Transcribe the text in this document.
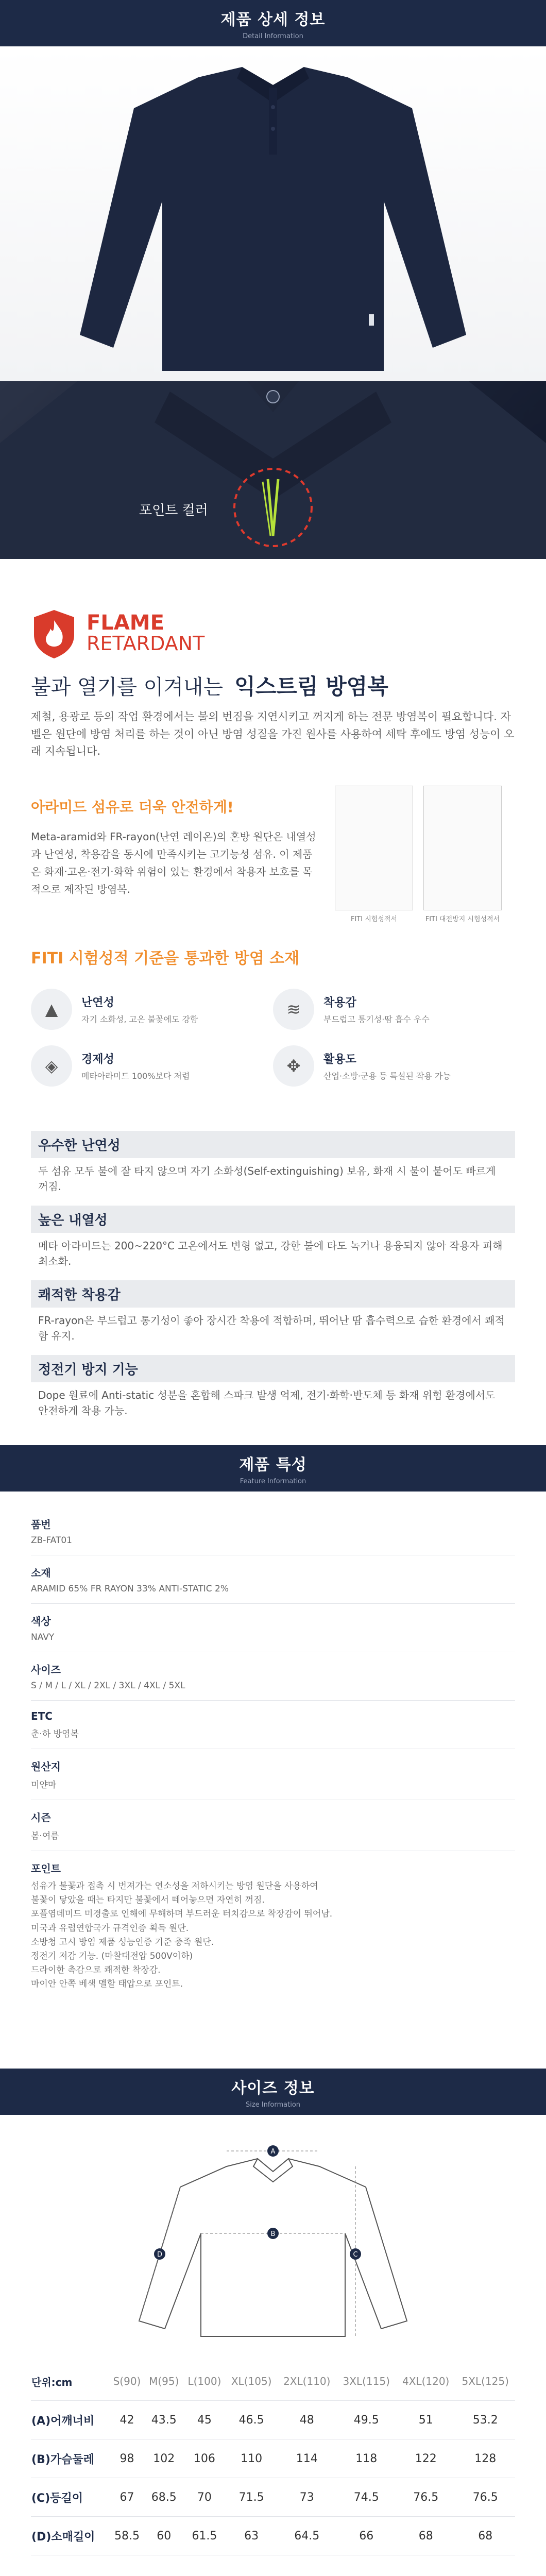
제품 상세 정보
Detail Information
포인트 컬러
FLAME
RETARDANT
불과 열기를 이겨내는 익스트림 방염복
제철, 용광로 등의 작업 환경에서는 불의 번짐을 지연시키고 꺼지게 하는 전문 방염복이 필요합니다. 자벨은 원단에 방염 처리를 하는 것이 아닌 방염 성질을 가진 원사를 사용하여 세탁 후에도 방염 성능이 오래 지속됩니다.
아라미드 섬유로 더욱 안전하게!
Meta-aramid와 FR-rayon(난연 레이온)의 혼방 원단은 내열성과 난연성, 착용감을 동시에 만족시키는 고기능성 섬유. 이 제품은 화재·고온·전기·화학 위험이 있는 환경에서 착용자 보호를 목적으로 제작된 방염복.
FITI 시험성적서	FITI 대전방지 시험성적서
FITI 시험성적 기준을 통과한 방염 소재
▲	난연성
자기 소화성, 고온 불꽃에도 강함
≋	착용감
부드럽고 통기성·땀 흡수 우수
◈	경제성
메타아라미드 100%보다 저렴
✥	활용도
산업·소방·군용 등 특설된 작용 가능
우수한 난연성
두 섬유 모두 불에 잘 타지 않으며 자기 소화성(Self-extinguishing) 보유, 화재 시 불이 붙어도 빠르게 꺼짐.
높은 내열성
메타 아라미드는 200~220°C 고온에서도 변형 없고, 강한 불에 타도 녹거나 용융되지 않아 작용자 피해 최소화.
쾌적한 착용감
FR-rayon은 부드럽고 통기성이 좋아 장시간 착용에 적합하며, 뛰어난 땀 흡수력으로 습한 환경에서 쾌적함 유지.
정전기 방지 기능
Dope 원료에 Anti-static 성분을 혼합해 스파크 발생 억제, 전기·화학·반도체 등 화재 위험 환경에서도 안전하게 착용 가능.
제품 특성
Feature Information
품번
ZB-FAT01
소재
ARAMID 65% FR RAYON 33% ANTI-STATIC 2%
색상
NAVY
사이즈
S / M / L / XL / 2XL / 3XL / 4XL / 5XL
ETC
춘·하 방염복
원산지
미얀마
시즌
봄·여름
포인트
섬유가 불꽃과 접촉 시 번져가는 연소성을 저하시키는 방염 원단을 사용하여
불꽃이 닿았을 때는 타지만 불꽃에서 떼어놓으면 자연히 꺼짐.
포플염데미드 미경출로 인해에 무해하며 부드러운 터치감으로 착장감이 뛰어남.
미국과 유럽연합국가 규격인증 획득 원단.
소방청 고시 방염 제품 성능인증 기준 충족 원단.
정전기 저감 기능. (마찰대전압 500V이하)
드라이한 촉감으로 쾌적한 착장감.
마이안 안쪽 베색 멜할 태압으로 포인트.
사이즈 정보
Size Information
A
B
C
D
단위:cm	S(90)	M(95)	L(100)	XL(105)	2XL(110)	3XL(115)	4XL(120)	5XL(125)
(A)어깨너비	42	43.5	45	46.5	48	49.5	51	53.2
(B)가슴둘레	98	102	106	110	114	118	122	128
(C)등길이	67	68.5	70	71.5	73	74.5	76.5	76.5
(D)소매길이	58.5	60	61.5	63	64.5	66	68	68
